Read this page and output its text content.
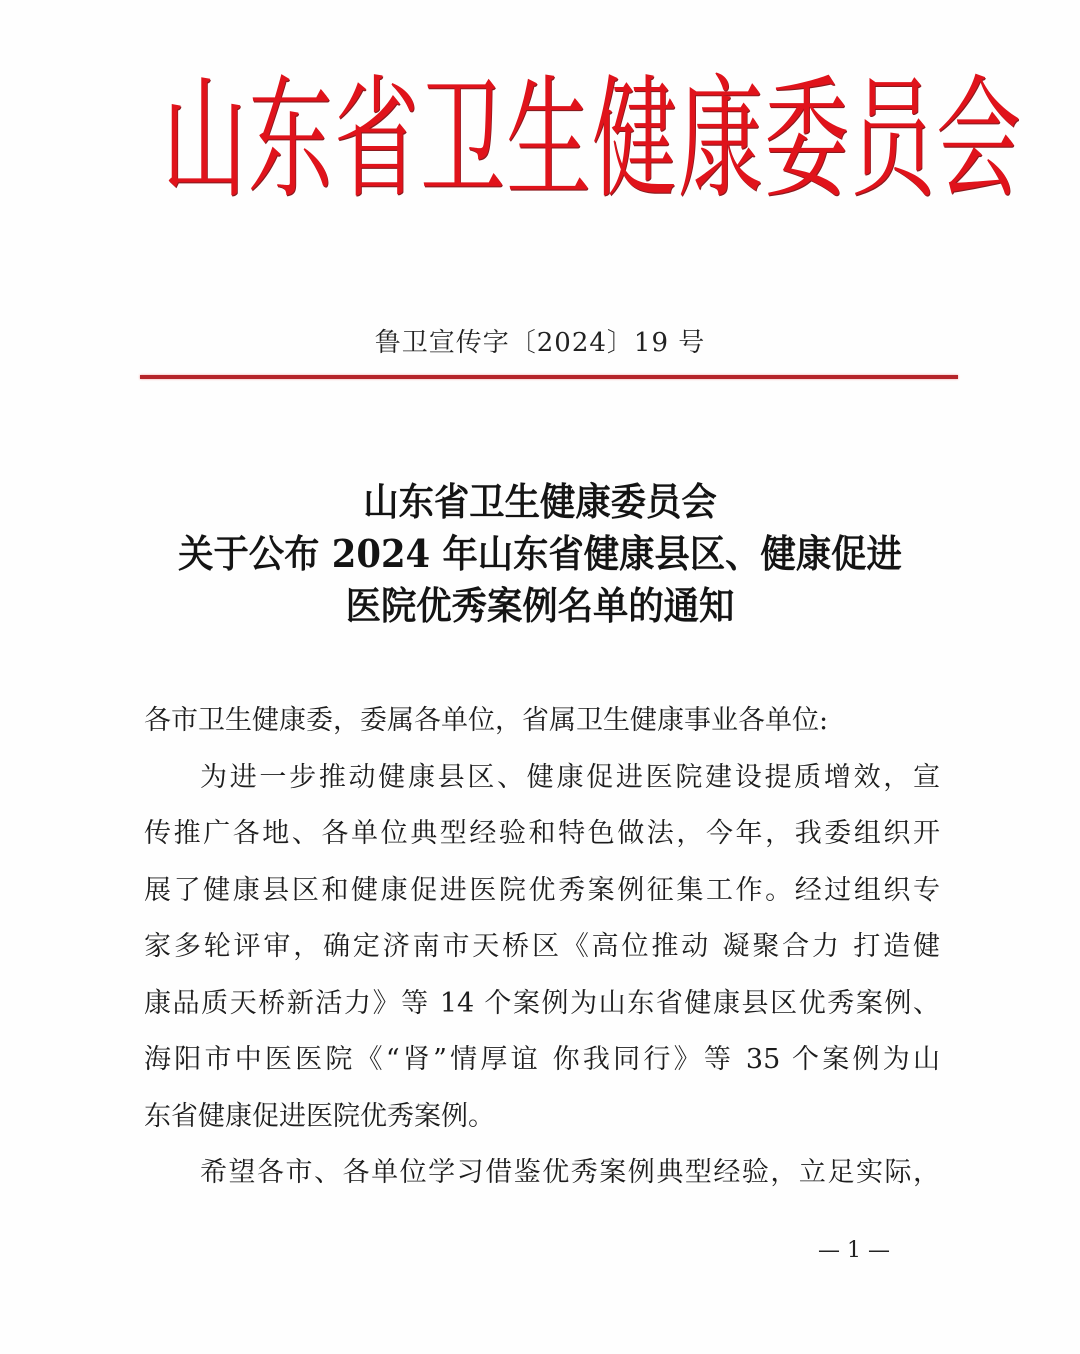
山 东 省 卫 生 健 康 委 员 会
鲁卫宣传字〔2024〕19 号
山东省卫生健康委员会
关于公布 2024 年山东省健康县区、健康促进
医院优秀案例名单的通知
各市卫生健康委，委属各单位，省属卫生健康事业各单位:
为进一步推动健康县区、健康促进医院建设提质增效，宣
传推广各地、各单位典型经验和特色做法，今年，我委组织开
展了健康县区和健康促进医院优秀案例征集工作。经过组织专
家多轮评审，确定济南市天桥区《高位推动 凝聚合力 打造健
康品质天桥新活力》等 14 个案例为山东省健康县区优秀案例、
海阳市中医医院《“肾”情厚谊 你我同行》等 35 个案例为山
东省健康促进医院优秀案例。
希望各市、各单位学习借鉴优秀案例典型经验，立足实际，
— 1 —
